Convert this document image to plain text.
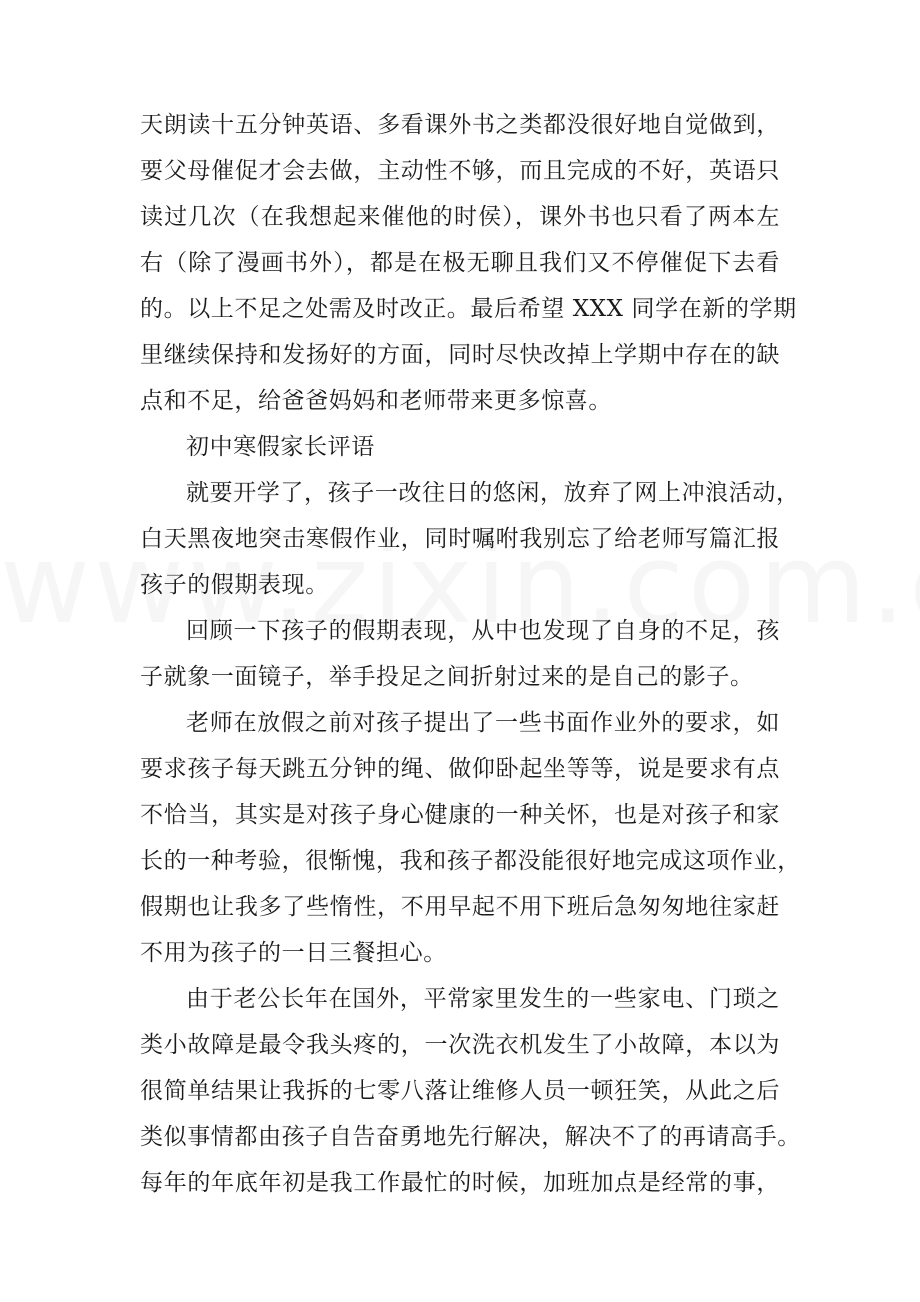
天朗读十五分钟英语、多看课外书之类都没很好地自觉做到，
要父母催促才会去做，主动性不够，而且完成的不好，英语只
读过几次（在我想起来催他的时侯），课外书也只看了两本左
右（除了漫画书外），都是在极无聊且我们又不停催促下去看
的。以上不足之处需及时改正。最后希望 XXX 同学在新的学期
里继续保持和发扬好的方面，同时尽快改掉上学期中存在的缺
点和不足，给爸爸妈妈和老师带来更多惊喜。
初中寒假家长评语
就要开学了，孩子一改往日的悠闲，放弃了网上冲浪活动，
白天黑夜地突击寒假作业，同时嘱咐我别忘了给老师写篇汇报
孩子的假期表现。
回顾一下孩子的假期表现，从中也发现了自身的不足，孩
子就象一面镜子，举手投足之间折射过来的是自己的影子。
老师在放假之前对孩子提出了一些书面作业外的要求，如
要求孩子每天跳五分钟的绳、做仰卧起坐等等，说是要求有点
不恰当，其实是对孩子身心健康的一种关怀，也是对孩子和家
长的一种考验，很惭愧，我和孩子都没能很好地完成这项作业，
假期也让我多了些惰性，不用早起不用下班后急匆匆地往家赶
不用为孩子的一日三餐担心。
由于老公长年在国外，平常家里发生的一些家电、门琐之
类小故障是最令我头疼的，一次洗衣机发生了小故障，本以为
很简单结果让我拆的七零八落让维修人员一顿狂笑，从此之后
类似事情都由孩子自告奋勇地先行解决，解决不了的再请高手。
每年的年底年初是我工作最忙的时候，加班加点是经常的事，
